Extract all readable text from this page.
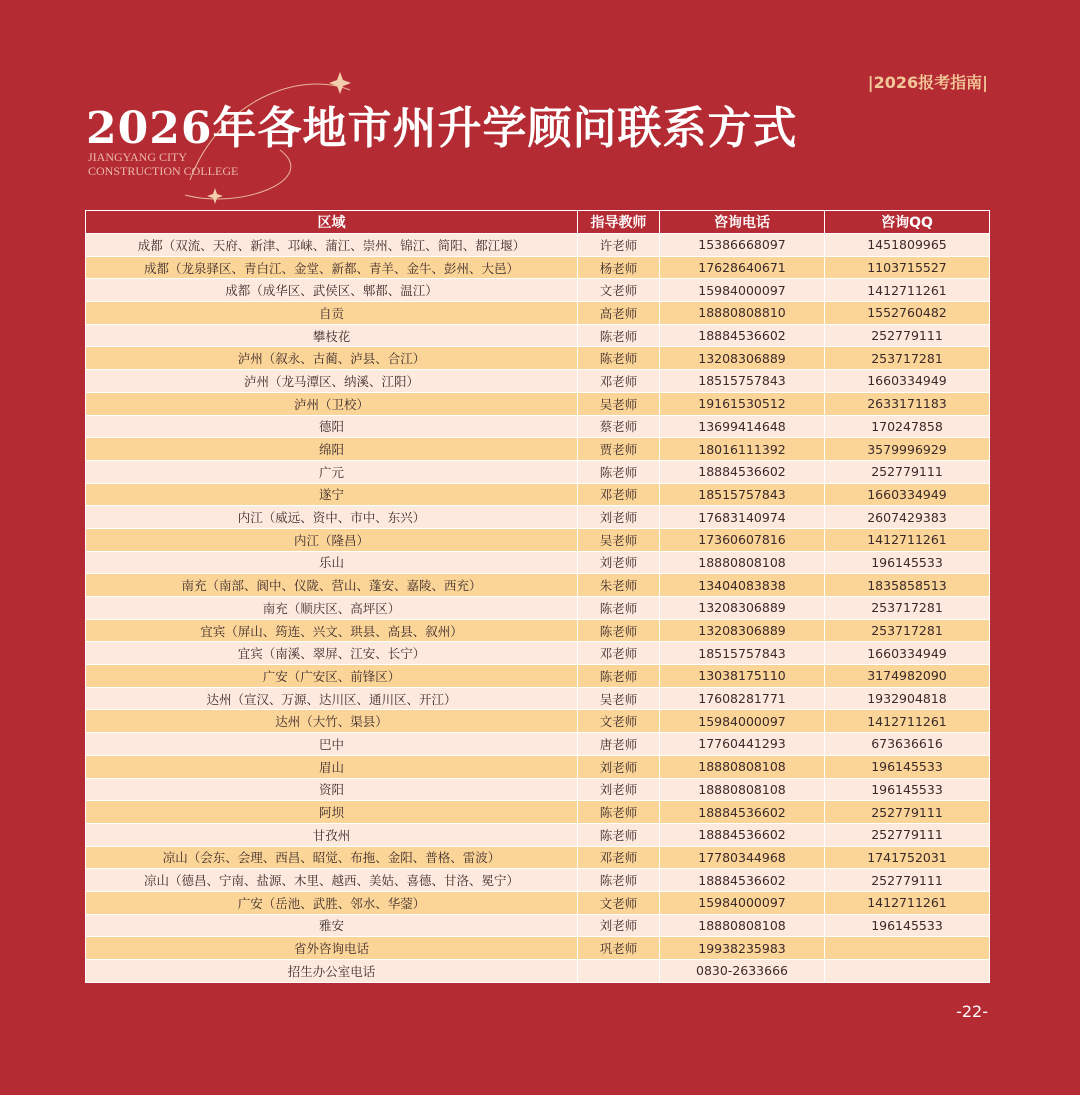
|2026报考指南|
2026年各地市州升学顾问联系方式
JIANGYANG CITY
CONSTRUCTION COLLEGE
区域	指导教师	咨询电话	咨询QQ
成都（双流、天府、新津、邛崃、蒲江、崇州、锦江、简阳、都江堰）	许老师	15386668097	1451809965
成都（龙泉驿区、青白江、金堂、新都、青羊、金牛、彭州、大邑）	杨老师	17628640671	1103715527
成都（成华区、武侯区、郫都、温江）	文老师	15984000097	1412711261
自贡	高老师	18880808810	1552760482
攀枝花	陈老师	18884536602	252779111
泸州（叙永、古蔺、泸县、合江）	陈老师	13208306889	253717281
泸州（龙马潭区、纳溪、江阳）	邓老师	18515757843	1660334949
泸州（卫校）	吴老师	19161530512	2633171183
德阳	蔡老师	13699414648	170247858
绵阳	贾老师	18016111392	3579996929
广元	陈老师	18884536602	252779111
遂宁	邓老师	18515757843	1660334949
内江（威远、资中、市中、东兴）	刘老师	17683140974	2607429383
内江（隆昌）	吴老师	17360607816	1412711261
乐山	刘老师	18880808108	196145533
南充（南部、阆中、仪陇、营山、蓬安、嘉陵、西充）	朱老师	13404083838	1835858513
南充（顺庆区、高坪区）	陈老师	13208306889	253717281
宜宾（屏山、筠连、兴文、珙县、高县、叙州）	陈老师	13208306889	253717281
宜宾（南溪、翠屏、江安、长宁）	邓老师	18515757843	1660334949
广安（广安区、前锋区）	陈老师	13038175110	3174982090
达州（宣汉、万源、达川区、通川区、开江）	吴老师	17608281771	1932904818
达州（大竹、渠县）	文老师	15984000097	1412711261
巴中	唐老师	17760441293	673636616
眉山	刘老师	18880808108	196145533
资阳	刘老师	18880808108	196145533
阿坝	陈老师	18884536602	252779111
甘孜州	陈老师	18884536602	252779111
凉山（会东、会理、西昌、昭觉、布拖、金阳、普格、雷波）	邓老师	17780344968	1741752031
凉山（德昌、宁南、盐源、木里、越西、美姑、喜德、甘洛、冕宁）	陈老师	18884536602	252779111
广安（岳池、武胜、邻水、华蓥）	文老师	15984000097	1412711261
雅安	刘老师	18880808108	196145533
省外咨询电话	巩老师	19938235983	
招生办公室电话		0830-2633666	
-22-
